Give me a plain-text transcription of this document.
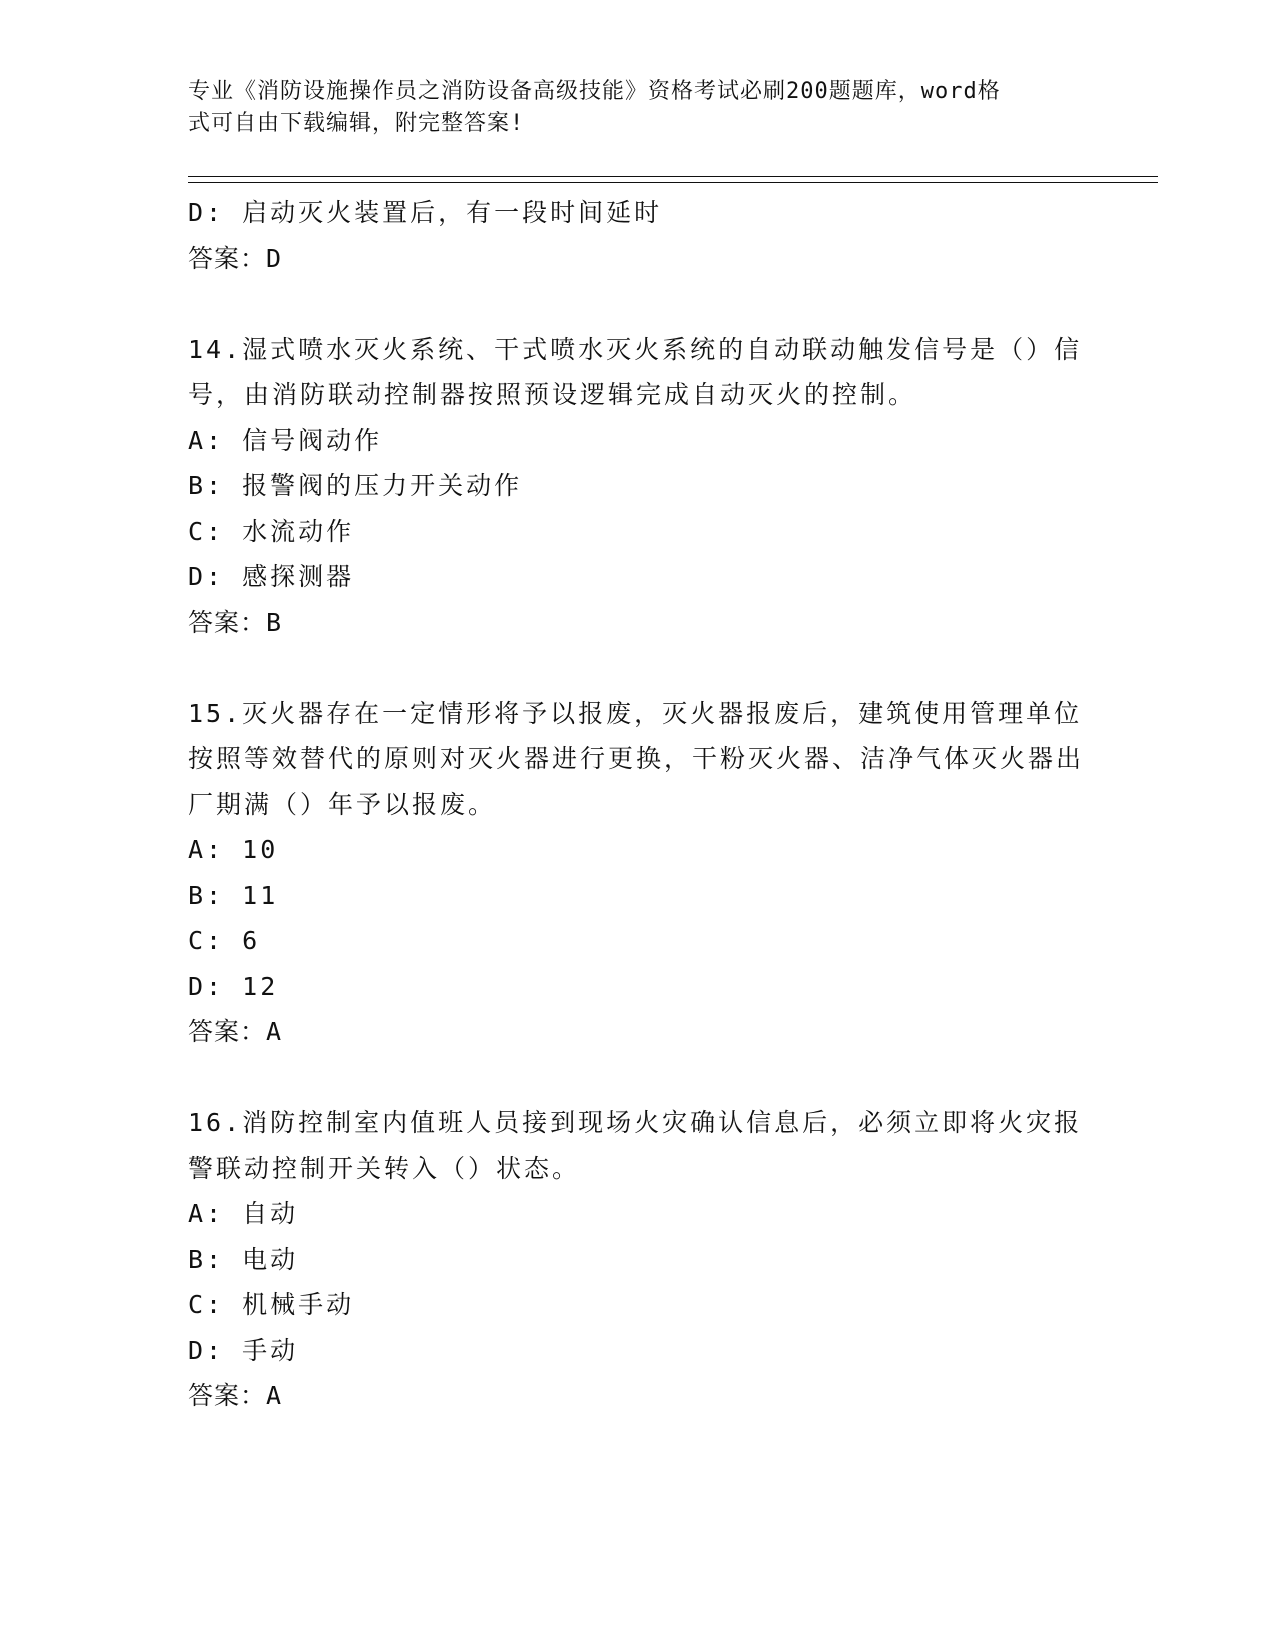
专业《消防设施操作员之消防设备高级技能》资格考试必刷200题题库，word格
式可自由下载编辑，附完整答案!
D: 启动灭火装置后，有一段时间延时
答案：D
14.湿式喷水灭火系统、干式喷水灭火系统的自动联动触发信号是（）信号，由消防联动控制器按照预设逻辑完成自动灭火的控制。
A: 信号阀动作
B: 报警阀的压力开关动作
C: 水流动作
D: 感探测器
答案：B
15.灭火器存在一定情形将予以报废，灭火器报废后，建筑使用管理单位按照等效替代的原则对灭火器进行更换，干粉灭火器、洁净气体灭火器出厂期满（）年予以报废。
A: 10
B: 11
C: 6
D: 12
答案：A
16.消防控制室内值班人员接到现场火灾确认信息后，必须立即将火灾报警联动控制开关转入（）状态。
A: 自动
B: 电动
C: 机械手动
D: 手动
答案：A
